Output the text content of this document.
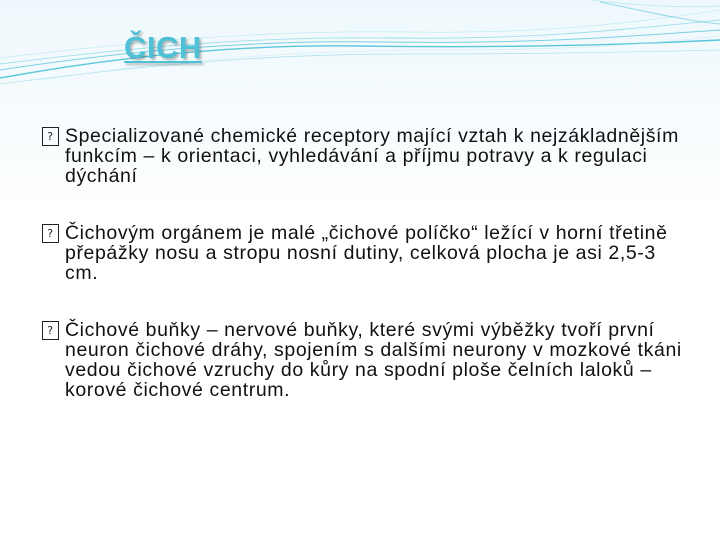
ČICH

? Specializované chemické receptory mající vztah k nejzákladnějším funkcím – k orientaci, vyhledávání a příjmu potravy a k regulaci dýchání

? Čichovým orgánem je malé „čichové políčko“ ležící v horní třetině přepážky nosu a stropu nosní dutiny, celková plocha je asi 2,5-3 cm.

? Čichové buňky – nervové buňky, které svými výběžky tvoří první neuron čichové dráhy, spojením s dalšími neurony v mozkové tkáni vedou čichové vzruchy do kůry na spodní ploše čelních laloků – korové čichové centrum.
